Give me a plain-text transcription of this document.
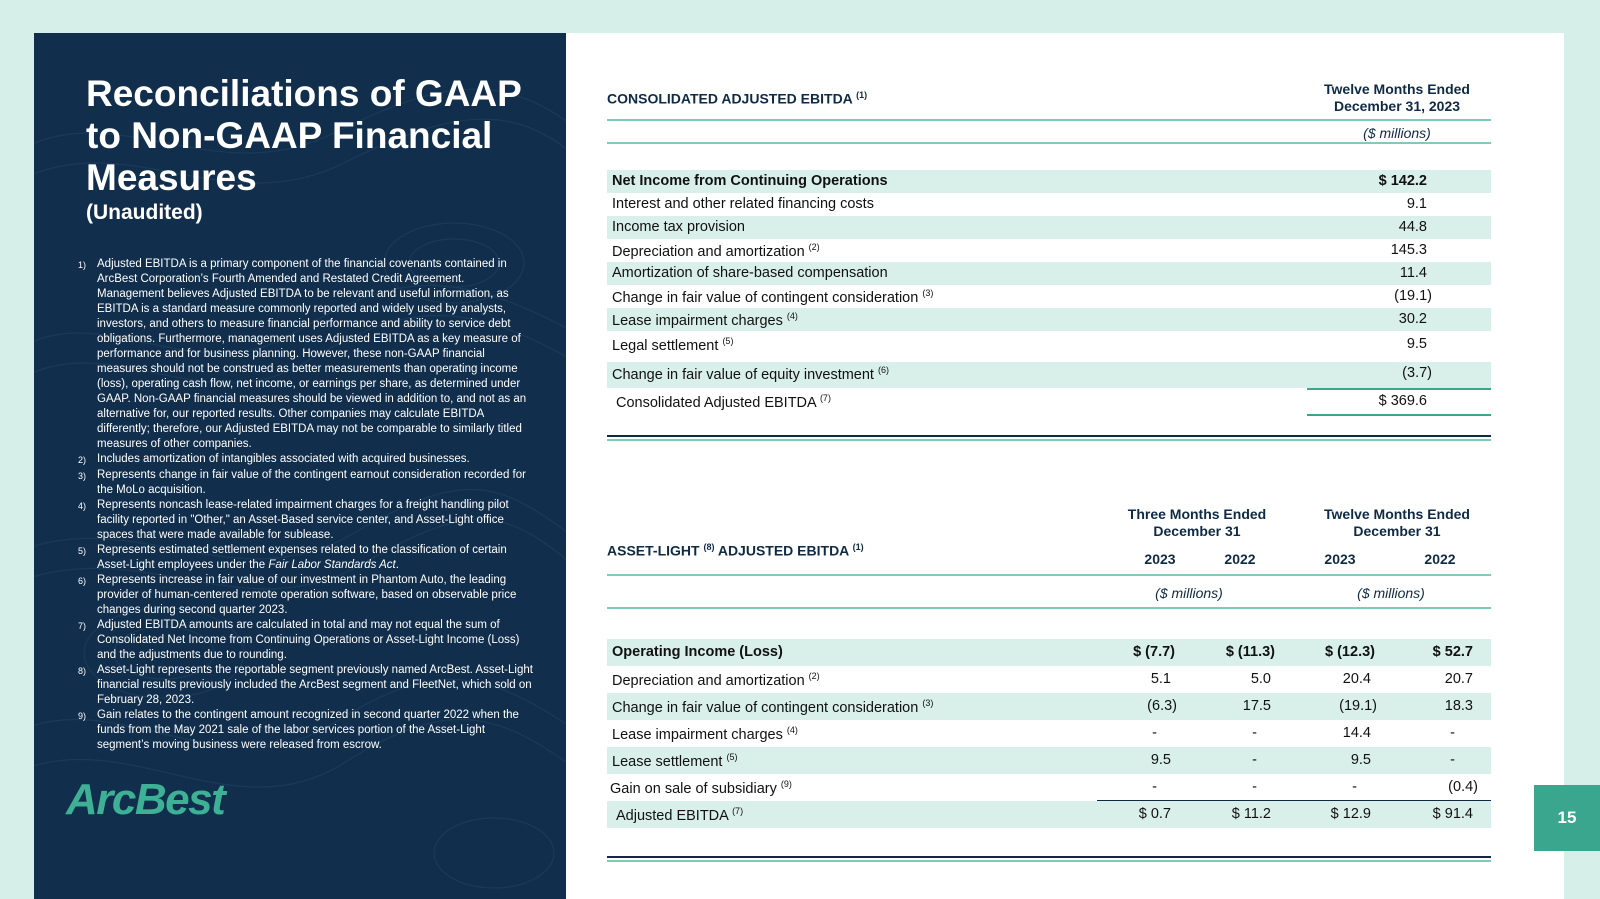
Reconciliations of GAAP to Non-GAAP Financial Measures
(Unaudited)
1) Adjusted EBITDA is a primary component of the financial covenants contained in ArcBest Corporation’s Fourth Amended and Restated Credit Agreement. Management believes Adjusted EBITDA to be relevant and useful information, as EBITDA is a standard measure commonly reported and widely used by analysts, investors, and others to measure financial performance and ability to service debt obligations. Furthermore, management uses Adjusted EBITDA as a key measure of performance and for business planning. However, these non-GAAP financial measures should not be construed as better measurements than operating income (loss), operating cash flow, net income, or earnings per share, as determined under GAAP. Non-GAAP financial measures should be viewed in addition to, and not as an alternative for, our reported results. Other companies may calculate EBITDA differently; therefore, our Adjusted EBITDA may not be comparable to similarly titled measures of other companies.
2) Includes amortization of intangibles associated with acquired businesses.
3) Represents change in fair value of the contingent earnout consideration recorded for the MoLo acquisition.
4) Represents noncash lease-related impairment charges for a freight handling pilot facility reported in "Other," an Asset-Based service center, and Asset-Light office spaces that were made available for sublease.
5) Represents estimated settlement expenses related to the classification of certain Asset-Light employees under the Fair Labor Standards Act.
6) Represents increase in fair value of our investment in Phantom Auto, the leading provider of human-centered remote operation software, based on observable price changes during second quarter 2023.
7) Adjusted EBITDA amounts are calculated in total and may not equal the sum of Consolidated Net Income from Continuing Operations or Asset-Light Income (Loss) and the adjustments due to rounding.
8) Asset-Light represents the reportable segment previously named ArcBest. Asset-Light financial results previously included the ArcBest segment and FleetNet, which sold on February 28, 2023.
9) Gain relates to the contingent amount recognized in second quarter 2022 when the funds from the May 2021 sale of the labor services portion of the Asset-Light segment’s moving business were released from escrow.
ArcBest
CONSOLIDATED ADJUSTED EBITDA $^{(1)}$	Twelve Months Ended
December 31, 2023
($ millions)
Net Income from Continuing Operations	$ 142.2
Interest and other related financing costs	9.1
Income tax provision	44.8
Depreciation and amortization $^{(2)}$	145.3
Amortization of share-based compensation	11.4
Change in fair value of contingent consideration $^{(3)}$	(19.1)
Lease impairment charges $^{(4)}$	30.2
Legal settlement $^{(5)}$	9.5
Change in fair value of equity investment $^{(6)}$	(3.7)
Consolidated Adjusted EBITDA $^{(7)}$	$ 369.6
ASSET-LIGHT $^{(8)}$ ADJUSTED EBITDA $^{(1)}$
Three Months Ended
December 31
Twelve Months Ended
December 31
2023	2022	2023	2022
($ millions)	($ millions)
Operating Income (Loss)	$ (7.7)	$ (11.3)	$ (12.3)	$ 52.7
Depreciation and amortization $^{(2)}$	5.1	5.0	20.4	20.7
Change in fair value of contingent consideration $^{(3)}$	(6.3)	17.5	(19.1)	18.3
Lease impairment charges $^{(4)}$	-	-	14.4	-
Lease settlement $^{(5)}$	9.5	-	9.5	-
Gain on sale of subsidiary $^{(9)}$	-	-	-	(0.4)
Adjusted EBITDA $^{(7)}$	$ 0.7	$ 11.2	$ 12.9	$ 91.4	15
